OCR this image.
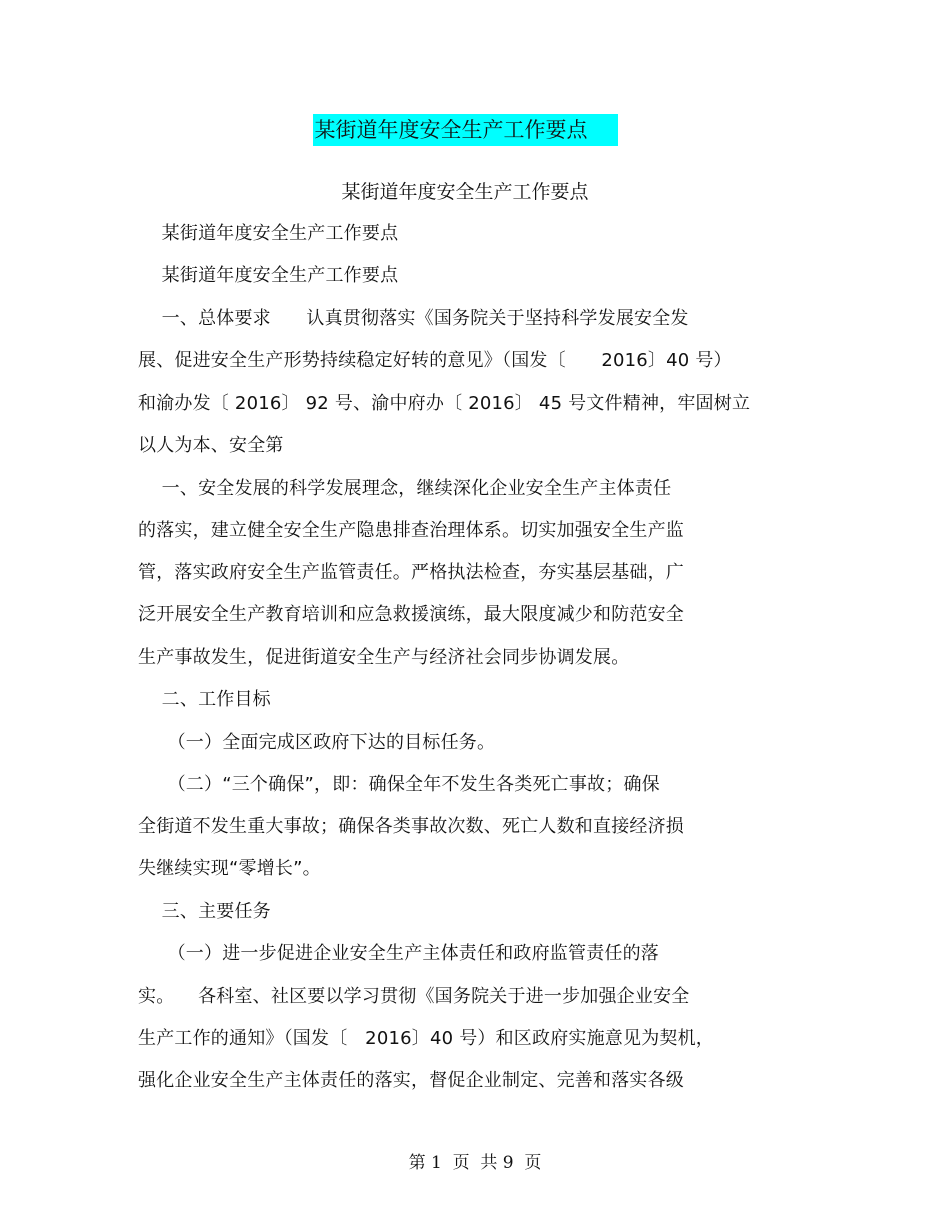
某街道年度安全生产工作要点
某街道年度安全生产工作要点
某街道年度安全生产工作要点
某街道年度安全生产工作要点
一、总体要求      认真贯彻落实《国务院关于坚持科学发展安全发
展、促进安全生产形势持续稳定好转的意见》（国发〔      2016〕40 号）
和渝办发〔 2016〕 92 号、渝中府办〔 2016〕 45 号文件精神，牢固树立
以人为本、安全第
一、安全发展的科学发展理念，继续深化企业安全生产主体责任
的落实，建立健全安全生产隐患排查治理体系。切实加强安全生产监
管，落实政府安全生产监管责任。严格执法检查，夯实基层基础，广
泛开展安全生产教育培训和应急救援演练，最大限度减少和防范安全
生产事故发生，促进街道安全生产与经济社会同步协调发展。
二、工作目标
（一）全面完成区政府下达的目标任务。
（二）“三个确保”，即：确保全年不发生各类死亡事故；确保
全街道不发生重大事故；确保各类事故次数、死亡人数和直接经济损
失继续实现“零增长”。
三、主要任务
（一）进一步促进企业安全生产主体责任和政府监管责任的落
实。    各科室、社区要以学习贯彻《国务院关于进一步加强企业安全
生产工作的通知》（国发〔   2016〕40 号）和区政府实施意见为契机，
强化企业安全生产主体责任的落实，督促企业制定、完善和落实各级
第 1  页  共 9  页
